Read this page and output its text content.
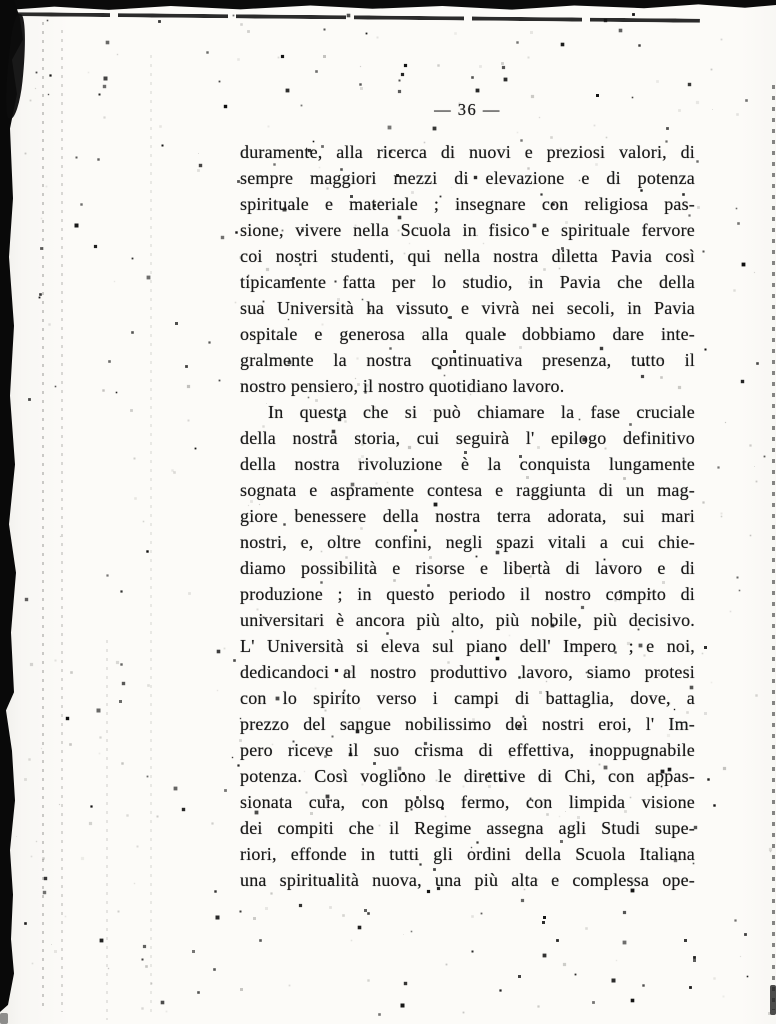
— 36 —
duramente, alla ricerca di nuovi e preziosi valori, di
sempre maggiori mezzi di elevazione e di potenza
spirituale e materiale ; insegnare con religiosa pas-
sione, vivere nella Scuola in fisico e spirituale fervore
coi nostri studenti, qui nella nostra diletta Pavia così
tipicamente fatta per lo studio, in Pavia che della
sua Università ha vissuto e vivrà nei secoli, in Pavia
ospitale e generosa alla quale dobbiamo dare inte-
gralmente la nostra continuativa presenza, tutto il
nostro pensiero, il nostro quotidiano lavoro.
In questa che si può chiamare la fase cruciale
della nostra storia, cui seguirà l' epilogo definitivo
della nostra rivoluzione è la conquista lungamente
sognata e aspramente contesa e raggiunta di un mag-
giore benessere della nostra terra adorata, sui mari
nostri, e, oltre confini, negli spazi vitali a cui chie-
diamo possibilità e risorse e libertà di lavoro e di
produzione ; in questo periodo il nostro compito di
universitari è ancora più alto, più nobile, più decisivo.
L' Università si eleva sul piano dell' Impero ; e noi,
dedicandoci al nostro produttivo lavoro, siamo protesi
con lo spirito verso i campi di battaglia, dove, a
prezzo del sangue nobilissimo dei nostri eroi, l' Im-
pero riceve il suo crisma di effettiva, inoppugnabile
potenza. Così vogliono le direttive di Chi, con appas-
sionata cura, con polso fermo, con limpida visione
dei compiti che il Regime assegna agli Studi supe-
riori, effonde in tutti gli ordini della Scuola Italiana
una spiritualità nuova, una più alta e complessa ope-
